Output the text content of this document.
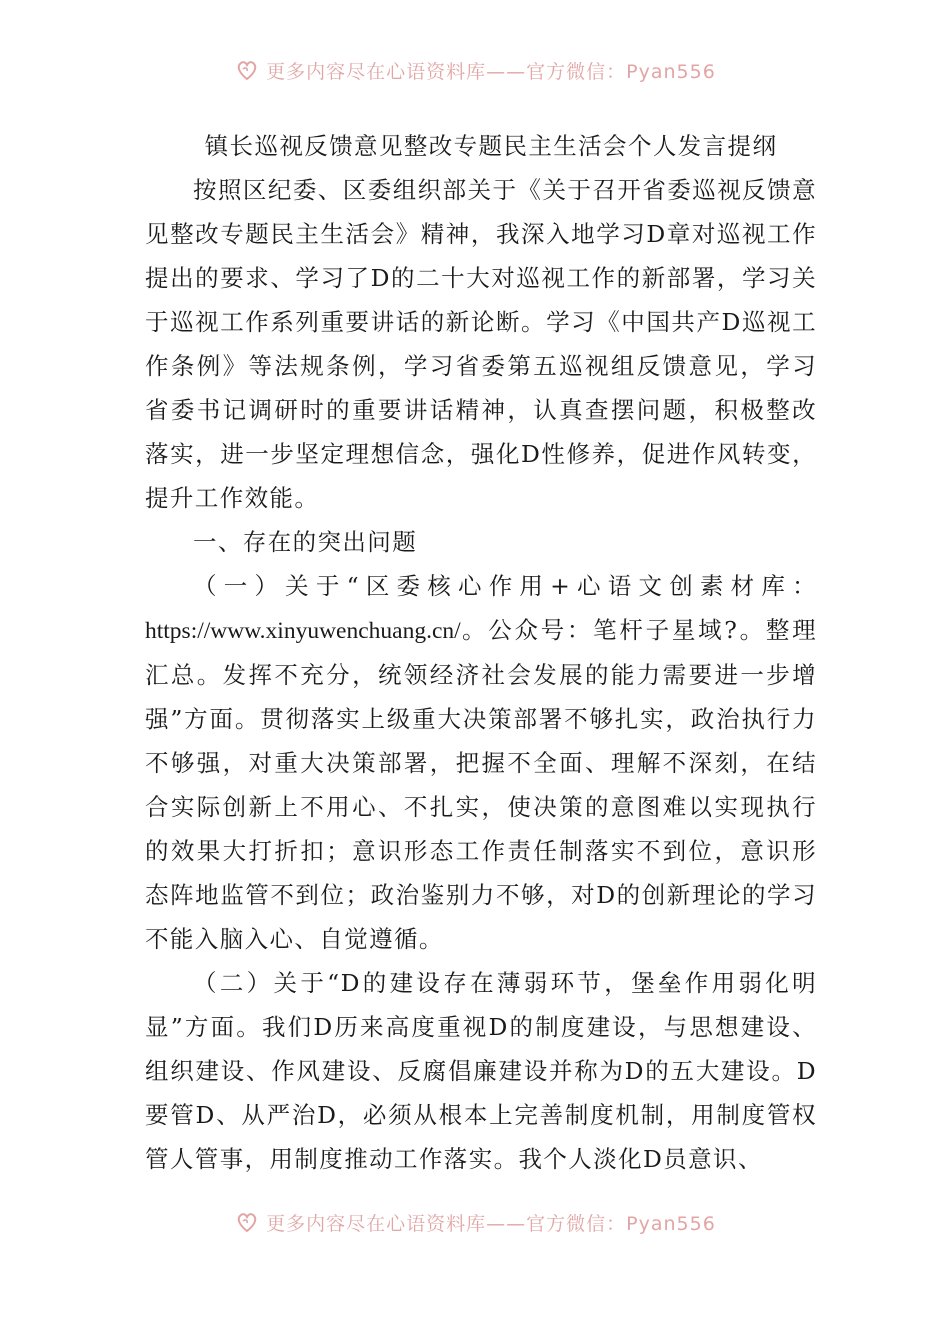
更多内容尽在心语资料库——官方微信：Pyan556

镇长巡视反馈意见整改专题民主生活会个人发言提纲

按照区纪委、区委组织部关于《关于召开省委巡视反馈意见整改专题民主生活会》精神，我深入地学习D章对巡视工作提出的要求、学习了D的二十大对巡视工作的新部署，学习关于巡视工作系列重要讲话的新论断。学习《中国共产D巡视工作条例》等法规条例，学习省委第五巡视组反馈意见，学习省委书记调研时的重要讲话精神，认真查摆问题，积极整改落实，进一步坚定理想信念，强化D性修养，促进作风转变，提升工作效能。

一、存在的突出问题

（一）关于“区委核心作用+心语文创素材库：https://www.xinyuwenchuang.cn/。公众号：笔杆子星域?。整理汇总。发挥不充分，统领经济社会发展的能力需要进一步增强”方面。贯彻落实上级重大决策部署不够扎实，政治执行力不够强，对重大决策部署，把握不全面、理解不深刻，在结合实际创新上不用心、不扎实，使决策的意图难以实现执行的效果大打折扣；意识形态工作责任制落实不到位，意识形态阵地监管不到位；政治鉴别力不够，对D的创新理论的学习不能入脑入心、自觉遵循。

（二）关于“D的建设存在薄弱环节，堡垒作用弱化明显”方面。我们D历来高度重视D的制度建设，与思想建设、组织建设、作风建设、反腐倡廉建设并称为D的五大建设。D要管D、从严治D，必须从根本上完善制度机制，用制度管权管人管事，用制度推动工作落实。我个人淡化D员意识、

更多内容尽在心语资料库——官方微信：Pyan556
